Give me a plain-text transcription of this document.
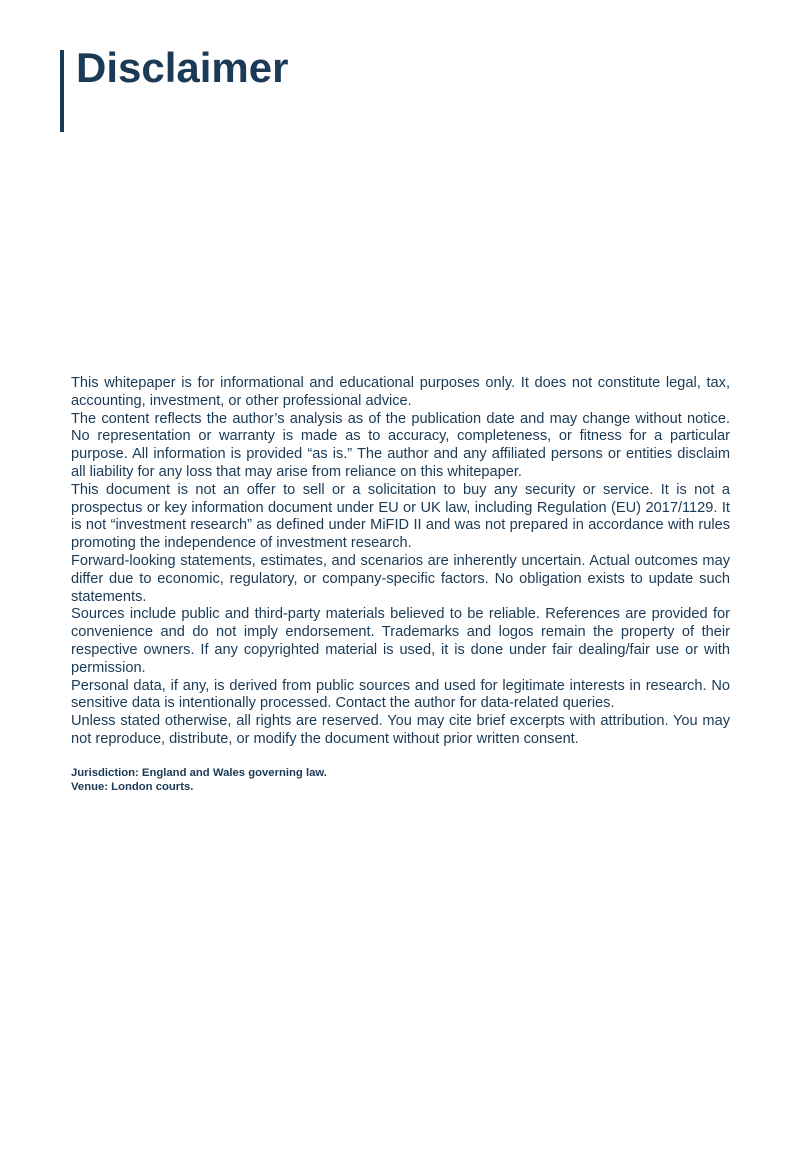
Disclaimer

This whitepaper is for informational and educational purposes only. It does not constitute legal, tax, accounting, investment, or other professional advice.

The content reflects the author’s analysis as of the publication date and may change without notice. No representation or warranty is made as to accuracy, completeness, or fitness for a particular purpose. All information is provided “as is.” The author and any affiliated persons or entities disclaim all liability for any loss that may arise from reliance on this whitepaper.

This document is not an offer to sell or a solicitation to buy any security or service. It is not a prospectus or key information document under EU or UK law, including Regulation (EU) 2017/1129. It is not “investment research” as defined under MiFID II and was not prepared in accordance with rules promoting the independence of investment research.

Forward-looking statements, estimates, and scenarios are inherently uncertain. Actual outcomes may differ due to economic, regulatory, or company-specific factors. No obligation exists to update such statements.

Sources include public and third-party materials believed to be reliable. References are provided for convenience and do not imply endorsement. Trademarks and logos remain the property of their respective owners. If any copyrighted material is used, it is done under fair dealing/fair use or with permission.

Personal data, if any, is derived from public sources and used for legitimate interests in research. No sensitive data is intentionally processed. Contact the author for data-related queries.

Unless stated otherwise, all rights are reserved. You may cite brief excerpts with attribution. You may not reproduce, distribute, or modify the document without prior written consent.

Jurisdiction: England and Wales governing law.

Venue: London courts.
